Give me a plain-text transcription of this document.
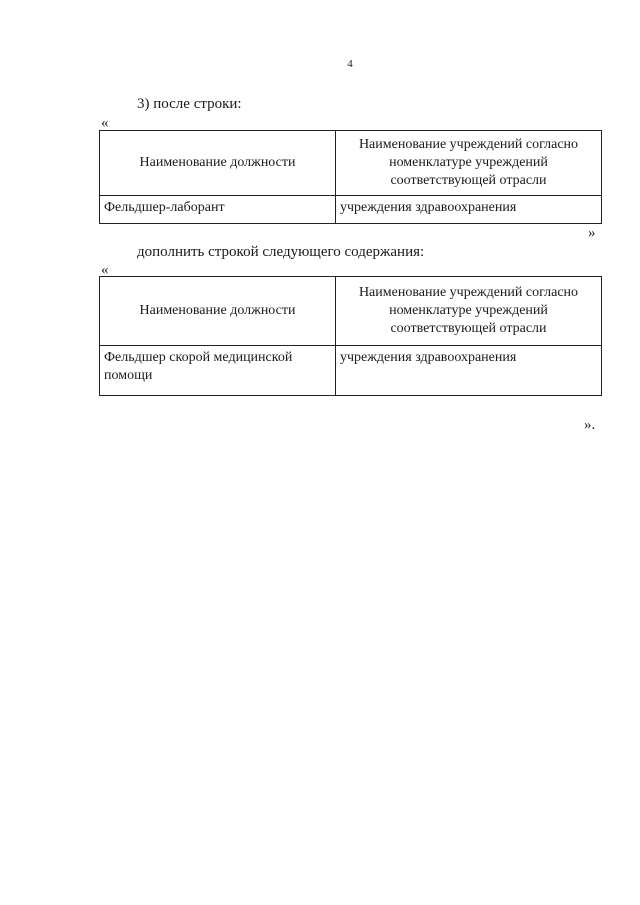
4
3) после строки:
«
Наименование должности	Наименование учреждений согласно номенклатуре учреждений соответствующей отрасли
Фельдшер-лаборант	учреждения здравоохранения
»
дополнить строкой следующего содержания:
«
Наименование должности	Наименование учреждений согласно номенклатуре учреждений соответствующей отрасли
Фельдшер скорой медицинской помощи	учреждения здравоохранения
».
